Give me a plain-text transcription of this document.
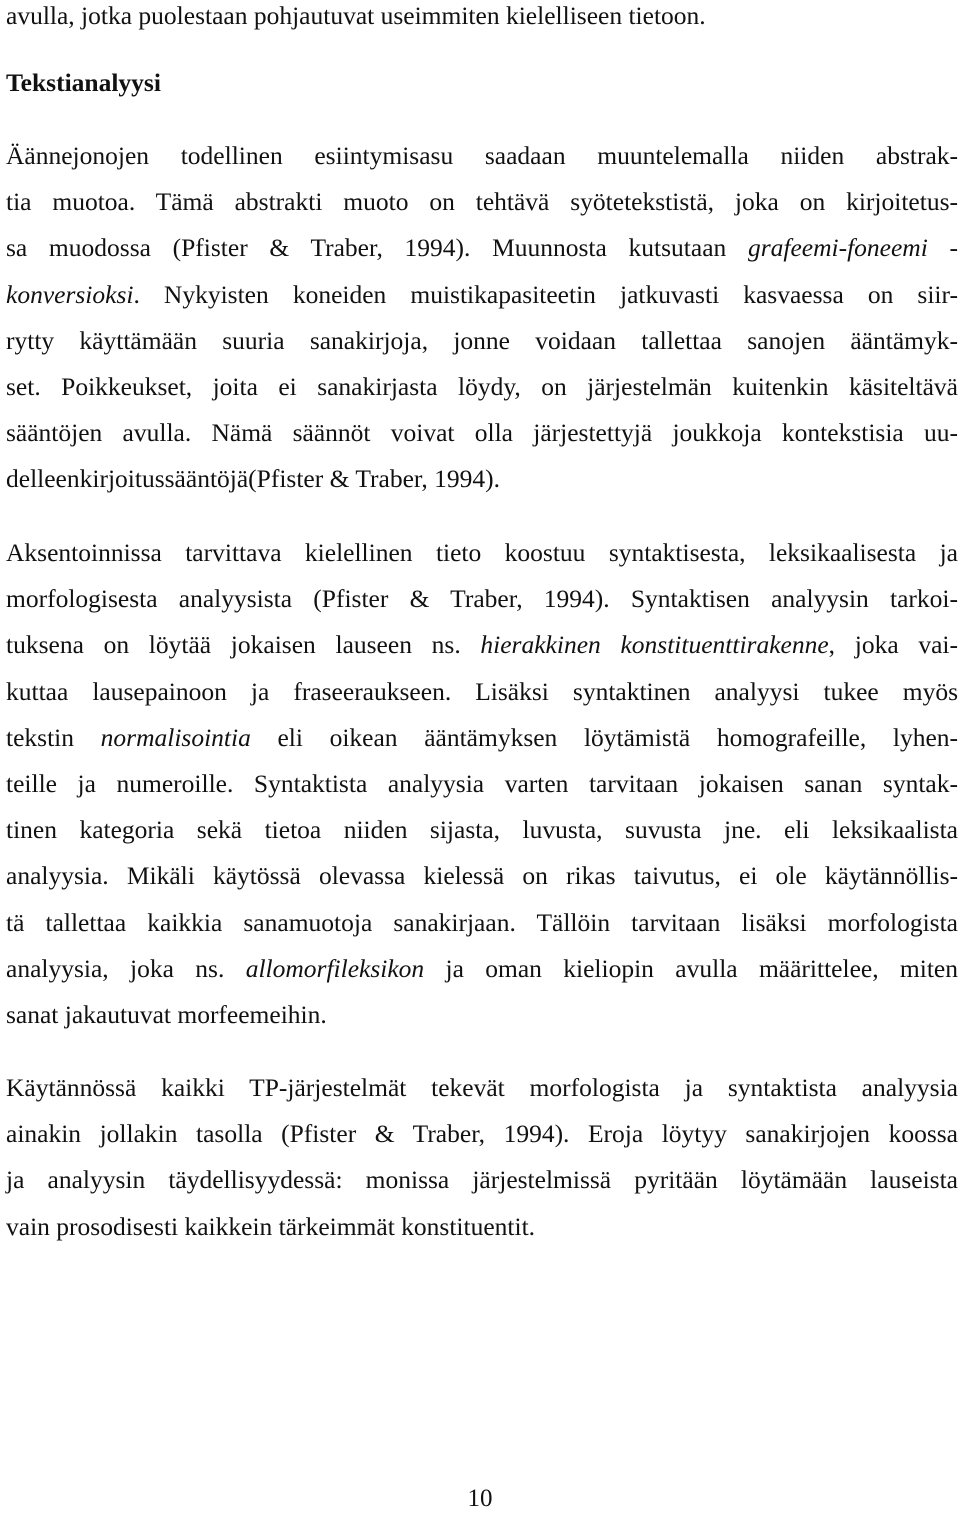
avulla, jotka puolestaan pohjautuvat useimmiten kielelliseen tietoon.

Tekstianalyysi
Äännejonojen todellinen esiintymisasu saadaan muuntelemalla niiden abstrak-
tia muotoa. Tämä abstrakti muoto on tehtävä syötetekstistä, joka on kirjoitetus-
sa muodossa (Pfister & Traber, 1994). Muunnosta kutsutaan grafeemi-foneemi -
konversioksi. Nykyisten koneiden muistikapasiteetin jatkuvasti kasvaessa on siir-
rytty käyttämään suuria sanakirjoja, jonne voidaan tallettaa sanojen ääntämyk-
set. Poikkeukset, joita ei sanakirjasta löydy, on järjestelmän kuitenkin käsiteltävä
sääntöjen avulla. Nämä säännöt voivat olla järjestettyjä joukkoja kontekstisia uu-
delleenkirjoitussääntöjä(Pfister & Traber, 1994).
Aksentoinnissa tarvittava kielellinen tieto koostuu syntaktisesta, leksikaalisesta ja
morfologisesta analyysista (Pfister & Traber, 1994). Syntaktisen analyysin tarkoi-
tuksena on löytää jokaisen lauseen ns. hierakkinen konstituenttirakenne, joka vai-
kuttaa lausepainoon ja fraseeraukseen. Lisäksi syntaktinen analyysi tukee myös
tekstin normalisointia eli oikean ääntämyksen löytämistä homografeille, lyhen-
teille ja numeroille. Syntaktista analyysia varten tarvitaan jokaisen sanan syntak-
tinen kategoria sekä tietoa niiden sijasta, luvusta, suvusta jne. eli leksikaalista
analyysia. Mikäli käytössä olevassa kielessä on rikas taivutus, ei ole käytännöllis-
tä tallettaa kaikkia sanamuotoja sanakirjaan. Tällöin tarvitaan lisäksi morfologista
analyysia, joka ns. allomorfileksikon ja oman kieliopin avulla määrittelee, miten
sanat jakautuvat morfeemeihin.
Käytännössä kaikki TP-järjestelmät tekevät morfologista ja syntaktista analyysia
ainakin jollakin tasolla (Pfister & Traber, 1994). Eroja löytyy sanakirjojen koossa
ja analyysin täydellisyydessä: monissa järjestelmissä pyritään löytämään lauseista
vain prosodisesti kaikkein tärkeimmät konstituentit.
10
